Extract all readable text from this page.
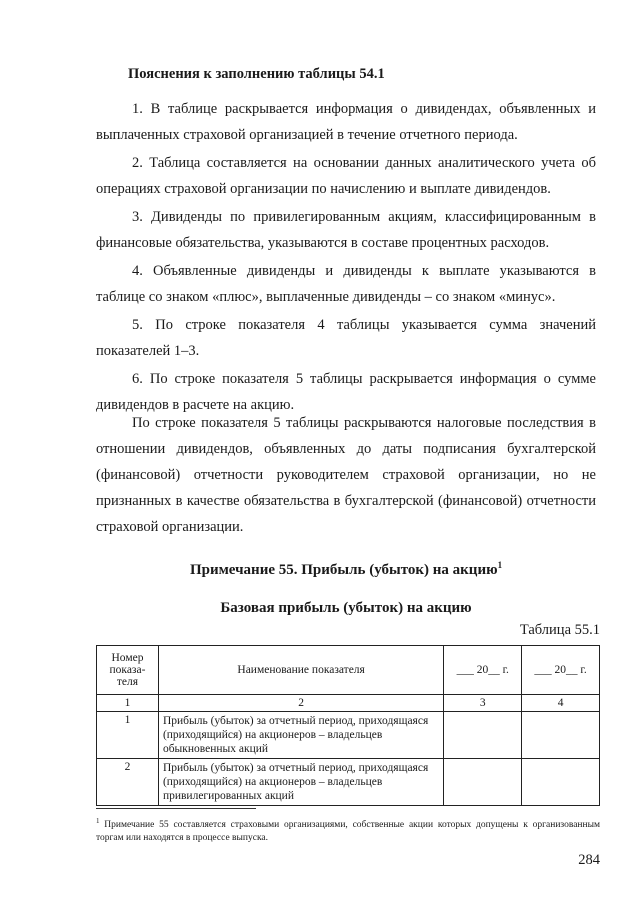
Пояснения к заполнению таблицы 54.1
1. В таблице раскрывается информация о дивидендах, объявленных и выплаченных страховой организацией в течение отчетного периода.
2. Таблица составляется на основании данных аналитического учета об операциях страховой организации по начислению и выплате дивидендов.
3. Дивиденды по привилегированным акциям, классифицированным в финансовые обязательства, указываются в составе процентных расходов.
4. Объявленные дивиденды и дивиденды к выплате указываются в таблице со знаком «плюс», выплаченные дивиденды – со знаком «минус».
5. По строке показателя 4 таблицы указывается сумма значений показателей 1–3.
6. По строке показателя 5 таблицы раскрывается информация о сумме дивидендов в расчете на акцию.
По строке показателя 5 таблицы раскрываются налоговые последствия в отношении дивидендов, объявленных до даты подписания бухгалтерской (финансовой) отчетности руководителем страховой организации, но не признанных в качестве обязательства в бухгалтерской (финансовой) отчетности страховой организации.
Примечание 55. Прибыль (убыток) на акцию$^1$
Базовая прибыль (убыток) на акцию
Таблица 55.1
Номер показа-теля	Наименование показателя	___ 20__ г.	___ 20__ г.
1	2	3	4
1	Прибыль (убыток) за отчетный период, приходящаяся (приходящийся) на акционеров – владельцев обыкновенных акций		
2	Прибыль (убыток) за отчетный период, приходящаяся (приходящийся) на акционеров – владельцев привилегированных акций		
$^1$ Примечание 55 составляется страховыми организациями, собственные акции которых допущены к организованным торгам или находятся в процессе выпуска.
284
